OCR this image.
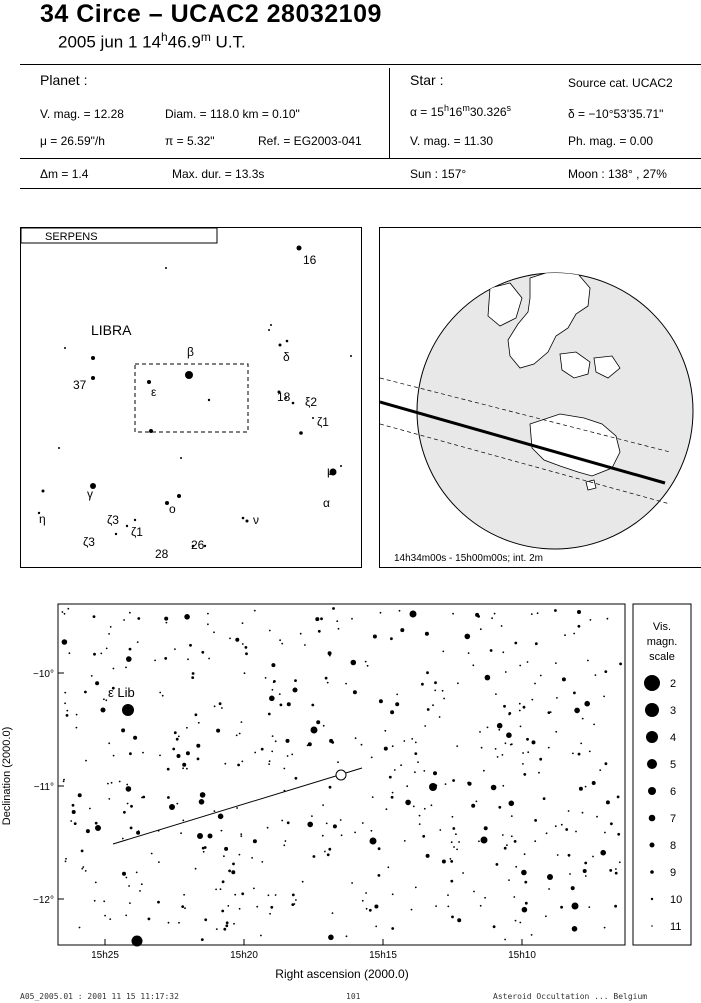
34 Circe – UCAC2 28032109
2005 jun 1 14$^h$46.9$^m$ U.T.
Planet :
V. mag. = 12.28	Diam. = 118.0 km = 0.10"
μ = 26.59"/h	π = 5.32"	Ref. = EG2003-041
Star :	Source cat. UCAC2
$\alpha = 15^h16^m30.326^s$	δ = −10°53'35.71"
V. mag. = 11.30	Ph. mag. = 0.00
Δm = 1.4	Max. dur. = 13.3s	Sun : 157°	Moon : 138° , 27%
SERPENS
LIBRA
16
δ
18 ξ2
ζ1
μ
α
β
ε
37
γ
η	ζ3
ζ3
ζ1
ο
ν
26
28	14h34m00s - 15h00m00s; int. 2m
ε Lib
−10°
−11°
−12°
15h25	15h20	15h15	15h10
Right ascension (2000.0)
Declination (2000.0)
Vis.
magn.
scale
2
3
4
5
6
7
8
9
10
11
A05_2005.01 : 2001 11 15 11:17:32	101	Asteroid Occultation ... Belgium
